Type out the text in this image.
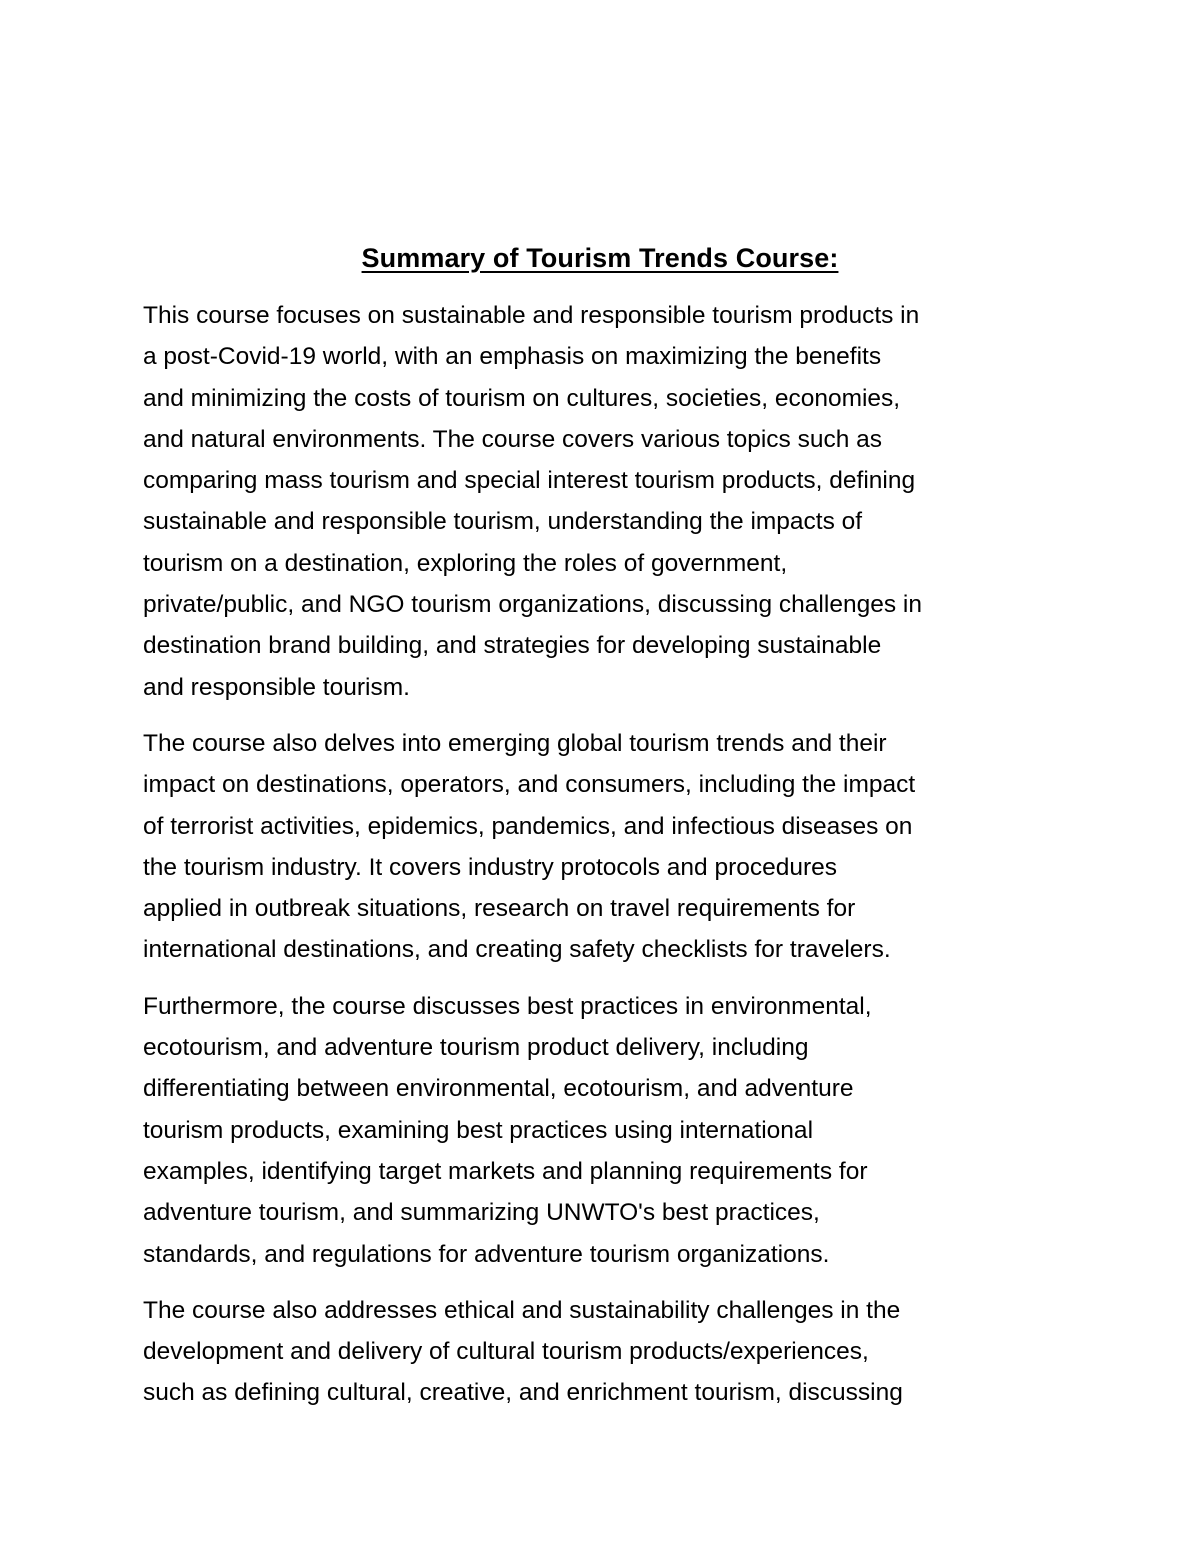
Summary of Tourism Trends Course:

This course focuses on sustainable and responsible tourism products in
a post-Covid-19 world, with an emphasis on maximizing the benefits
and minimizing the costs of tourism on cultures, societies, economies,
and natural environments. The course covers various topics such as
comparing mass tourism and special interest tourism products, defining
sustainable and responsible tourism, understanding the impacts of
tourism on a destination, exploring the roles of government,
private/public, and NGO tourism organizations, discussing challenges in
destination brand building, and strategies for developing sustainable
and responsible tourism.

The course also delves into emerging global tourism trends and their
impact on destinations, operators, and consumers, including the impact
of terrorist activities, epidemics, pandemics, and infectious diseases on
the tourism industry. It covers industry protocols and procedures
applied in outbreak situations, research on travel requirements for
international destinations, and creating safety checklists for travelers.

Furthermore, the course discusses best practices in environmental,
ecotourism, and adventure tourism product delivery, including
differentiating between environmental, ecotourism, and adventure
tourism products, examining best practices using international
examples, identifying target markets and planning requirements for
adventure tourism, and summarizing UNWTO's best practices,
standards, and regulations for adventure tourism organizations.

The course also addresses ethical and sustainability challenges in the
development and delivery of cultural tourism products/experiences,
such as defining cultural, creative, and enrichment tourism, discussing
